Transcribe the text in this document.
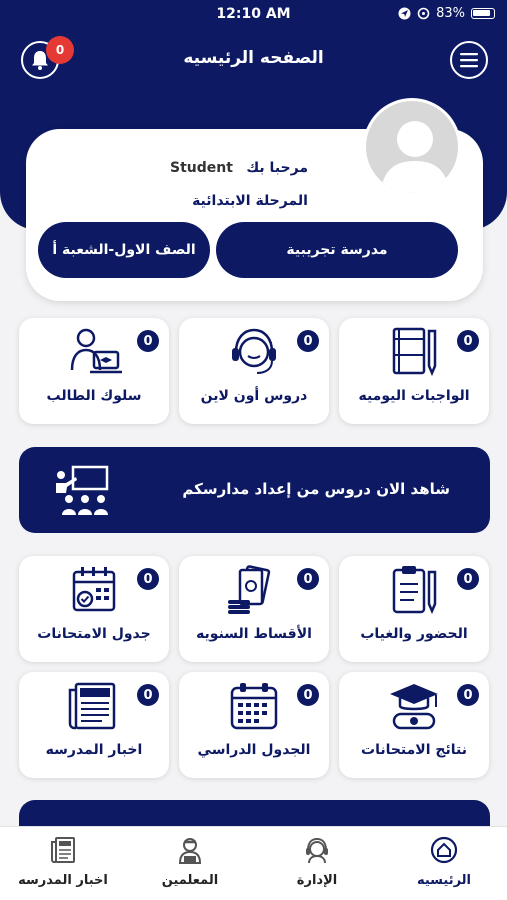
12:10 AM	83%
0	الصفحه الرئيسيه
Student مرحبا بك
المرحلة الابتدائية
مدرسة تجريبية
الصف الاول-الشعبة أ
0
الواجبات اليوميه
0
دروس أون لاين
0
سلوك الطالب
شاهد الان دروس من إعداد مدارسكم
0
الحضور والغياب
0
الأقساط السنويه
0
جدول الامتحانات
0
نتائج الامتحانات
0
الجدول الدراسي
0
اخبار المدرسه
الرئيسيه
الإدارة
المعلمين
اخبار المدرسه
